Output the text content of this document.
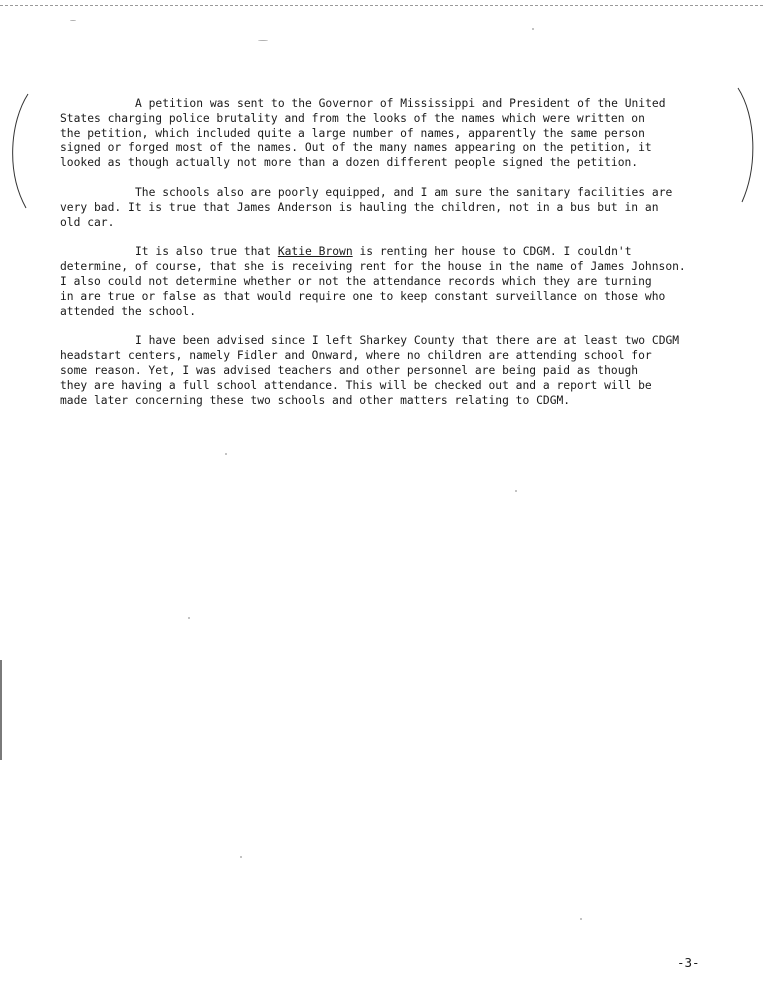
A petition was sent to the Governor of Mississippi and President of the United
States charging police brutality and from the looks of the names which were written on
the petition, which included quite a large number of names, apparently the same person
signed or forged most of the names. Out of the many names appearing on the petition, it
looked as though actually not more than a dozen different people signed the petition.
The schools also are poorly equipped, and I am sure the sanitary facilities are
very bad. It is true that James Anderson is hauling the children, not in a bus but in an
old car.
It is also true that Katie Brown is renting her house to CDGM. I couldn't
determine, of course, that she is receiving rent for the house in the name of James Johnson.
I also could not determine whether or not the attendance records which they are turning
in are true or false as that would require one to keep constant surveillance on those who
attended the school.
I have been advised since I left Sharkey County that there are at least two CDGM
headstart centers, namely Fidler and Onward, where no children are attending school for
some reason. Yet, I was advised teachers and other personnel are being paid as though
they are having a full school attendance. This will be checked out and a report will be
made later concerning these two schools and other matters relating to CDGM.
-3-
